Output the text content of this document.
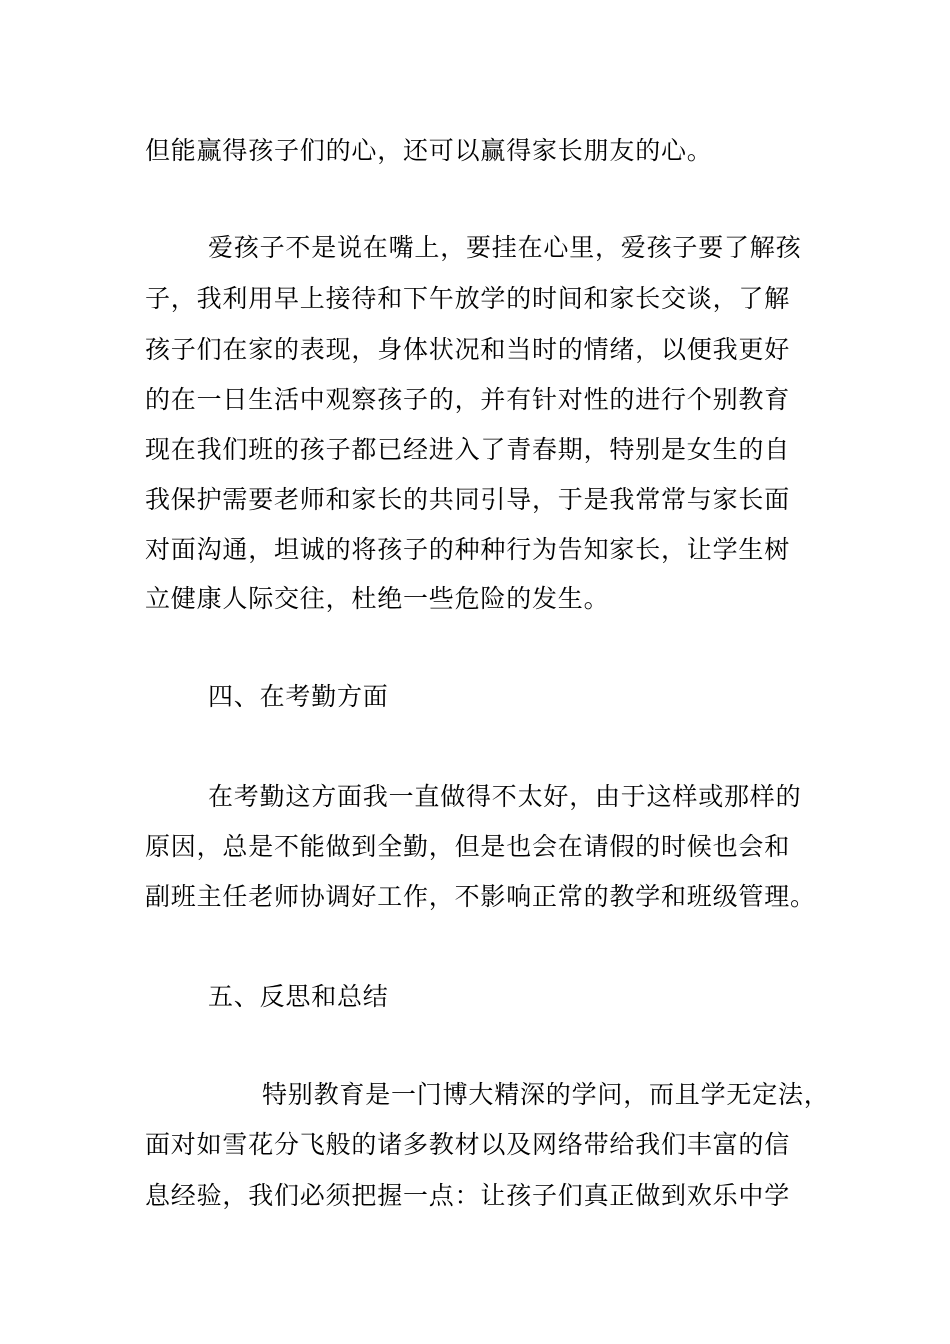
但能赢得孩子们的心，还可以赢得家长朋友的心。
爱孩子不是说在嘴上，要挂在心里，爱孩子要了解孩
子，我利用早上接待和下午放学的时间和家长交谈，了解
孩子们在家的表现，身体状况和当时的情绪，以便我更好
的在一日生活中观察孩子的，并有针对性的进行个别教育
现在我们班的孩子都已经进入了青春期，特别是女生的自
我保护需要老师和家长的共同引导，于是我常常与家长面
对面沟通，坦诚的将孩子的种种行为告知家长，让学生树
立健康人际交往，杜绝一些危险的发生。
四、在考勤方面
在考勤这方面我一直做得不太好，由于这样或那样的
原因，总是不能做到全勤，但是也会在请假的时候也会和
副班主任老师协调好工作，不影响正常的教学和班级管理。
五、反思和总结
特别教育是一门博大精深的学问，而且学无定法，
面对如雪花分飞般的诸多教材以及网络带给我们丰富的信
息经验，我们必须把握一点：让孩子们真正做到欢乐中学
